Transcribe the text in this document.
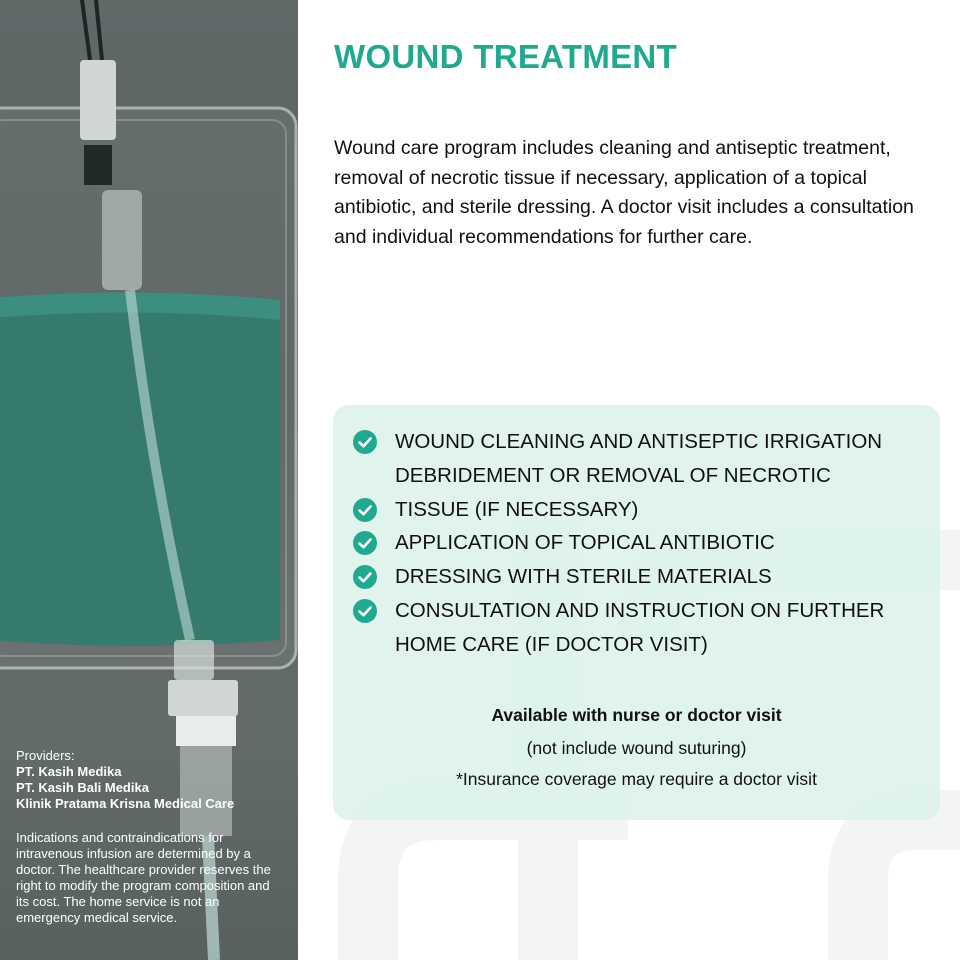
Providers:
PT. Kasih Medika
PT. Kasih Bali Medika
Klinik Pratama Krisna Medical Care
Indications and contraindications for intravenous infusion are determined by a doctor. The healthcare provider reserves the right to modify the program composition and its cost. The home service is not an emergency medical service.
WOUND TREATMENT

Wound care program includes cleaning and antiseptic treatment, removal of necrotic tissue if necessary, application of a topical antibiotic, and sterile dressing. A doctor visit includes a consultation and individual recommendations for further care.

WOUND CLEANING AND ANTISEPTIC IRRIGATION
DEBRIDEMENT OR REMOVAL OF NECROTIC
TISSUE (IF NECESSARY)
APPLICATION OF TOPICAL ANTIBIOTIC
DRESSING WITH STERILE MATERIALS
CONSULTATION AND INSTRUCTION ON FURTHER
HOME CARE (IF DOCTOR VISIT)
Available with nurse or doctor visit
(not include wound suturing)
*Insurance coverage may require a doctor visit
